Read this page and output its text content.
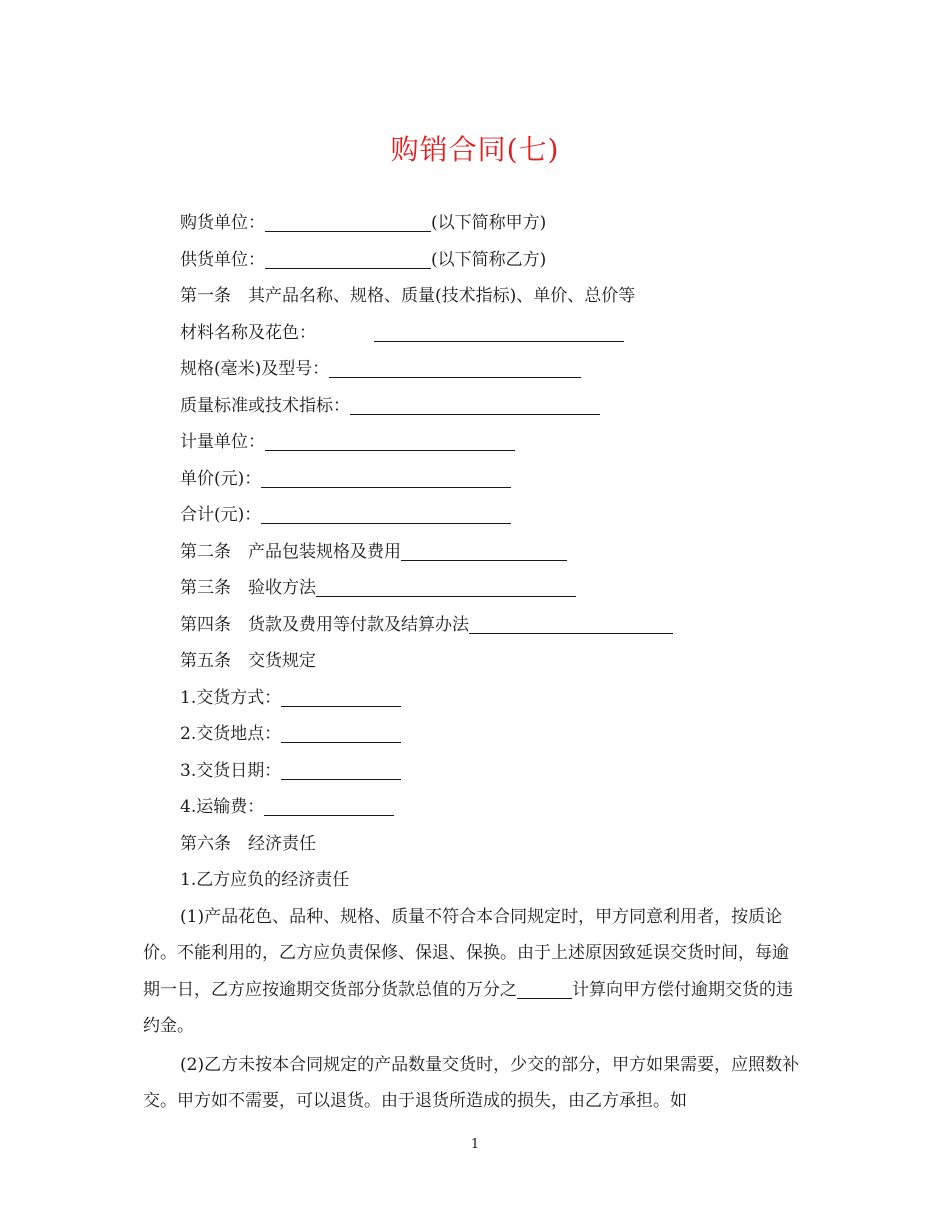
购销合同(七)
购货单位：	(以下简称甲方)
供货单位：	(以下简称乙方)
第一条　其产品名称、规格、质量(技术指标)、单价、总价等
材料名称及花色：
规格(毫米)及型号：
质量标准或技术指标：
计量单位：
单价(元)：
合计(元)：
第二条　产品包装规格及费用
第三条　验收方法
第四条　货款及费用等付款及结算办法
第五条　交货规定
1.交货方式：
2.交货地点：
3.交货日期：
4.运输费：
第六条　经济责任
1.乙方应负的经济责任
(1)产品花色、品种、规格、质量不符合本合同规定时，甲方同意利用者，按质论价。不能利用的，乙方应负责保修、保退、保换。由于上述原因致延误交货时间，每逾期一日，乙方应按逾期交货部分货款总值的万分之	计算向甲方偿付逾期交货的违约金。
(2)乙方未按本合同规定的产品数量交货时，少交的部分，甲方如果需要，应照数补交。甲方如不需要，可以退货。由于退货所造成的损失，由乙方承担。如
1
